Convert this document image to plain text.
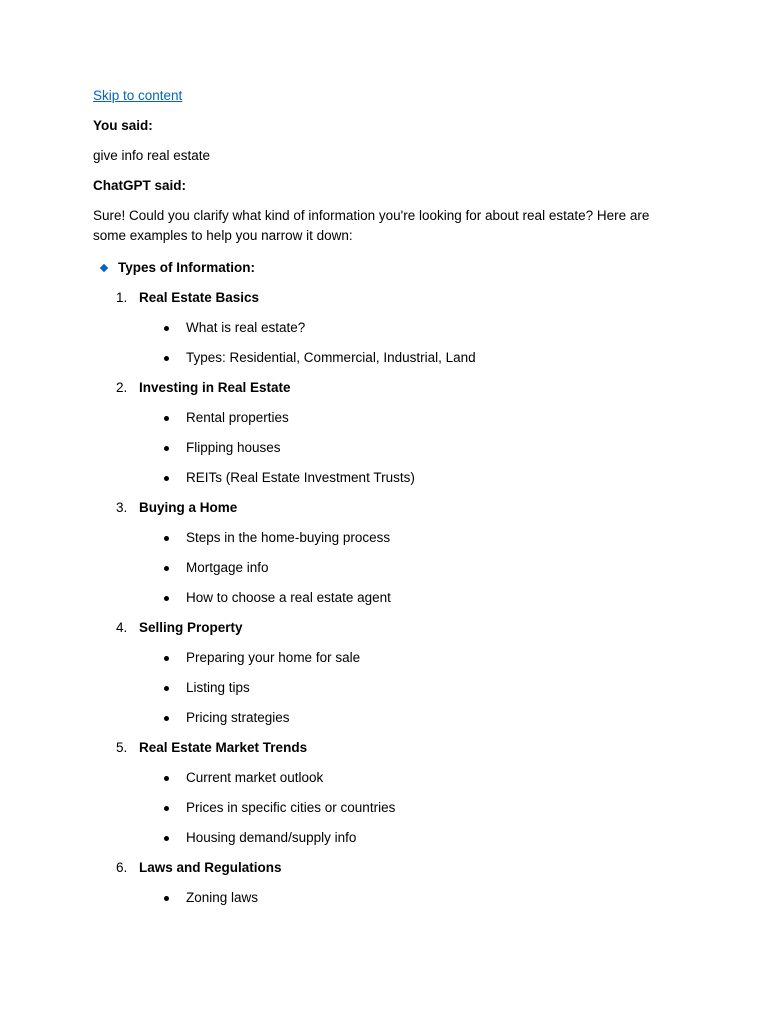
Skip to content
You said:
give info real estate
ChatGPT said:
Sure! Could you clarify what kind of information you're looking for about real estate? Here are some examples to help you narrow it down:
Types of Information:
1. Real Estate Basics
What is real estate?
Types: Residential, Commercial, Industrial, Land
2. Investing in Real Estate
Rental properties
Flipping houses
REITs (Real Estate Investment Trusts)
3. Buying a Home
Steps in the home-buying process
Mortgage info
How to choose a real estate agent
4. Selling Property
Preparing your home for sale
Listing tips
Pricing strategies
5. Real Estate Market Trends
Current market outlook
Prices in specific cities or countries
Housing demand/supply info
6. Laws and Regulations
Zoning laws
